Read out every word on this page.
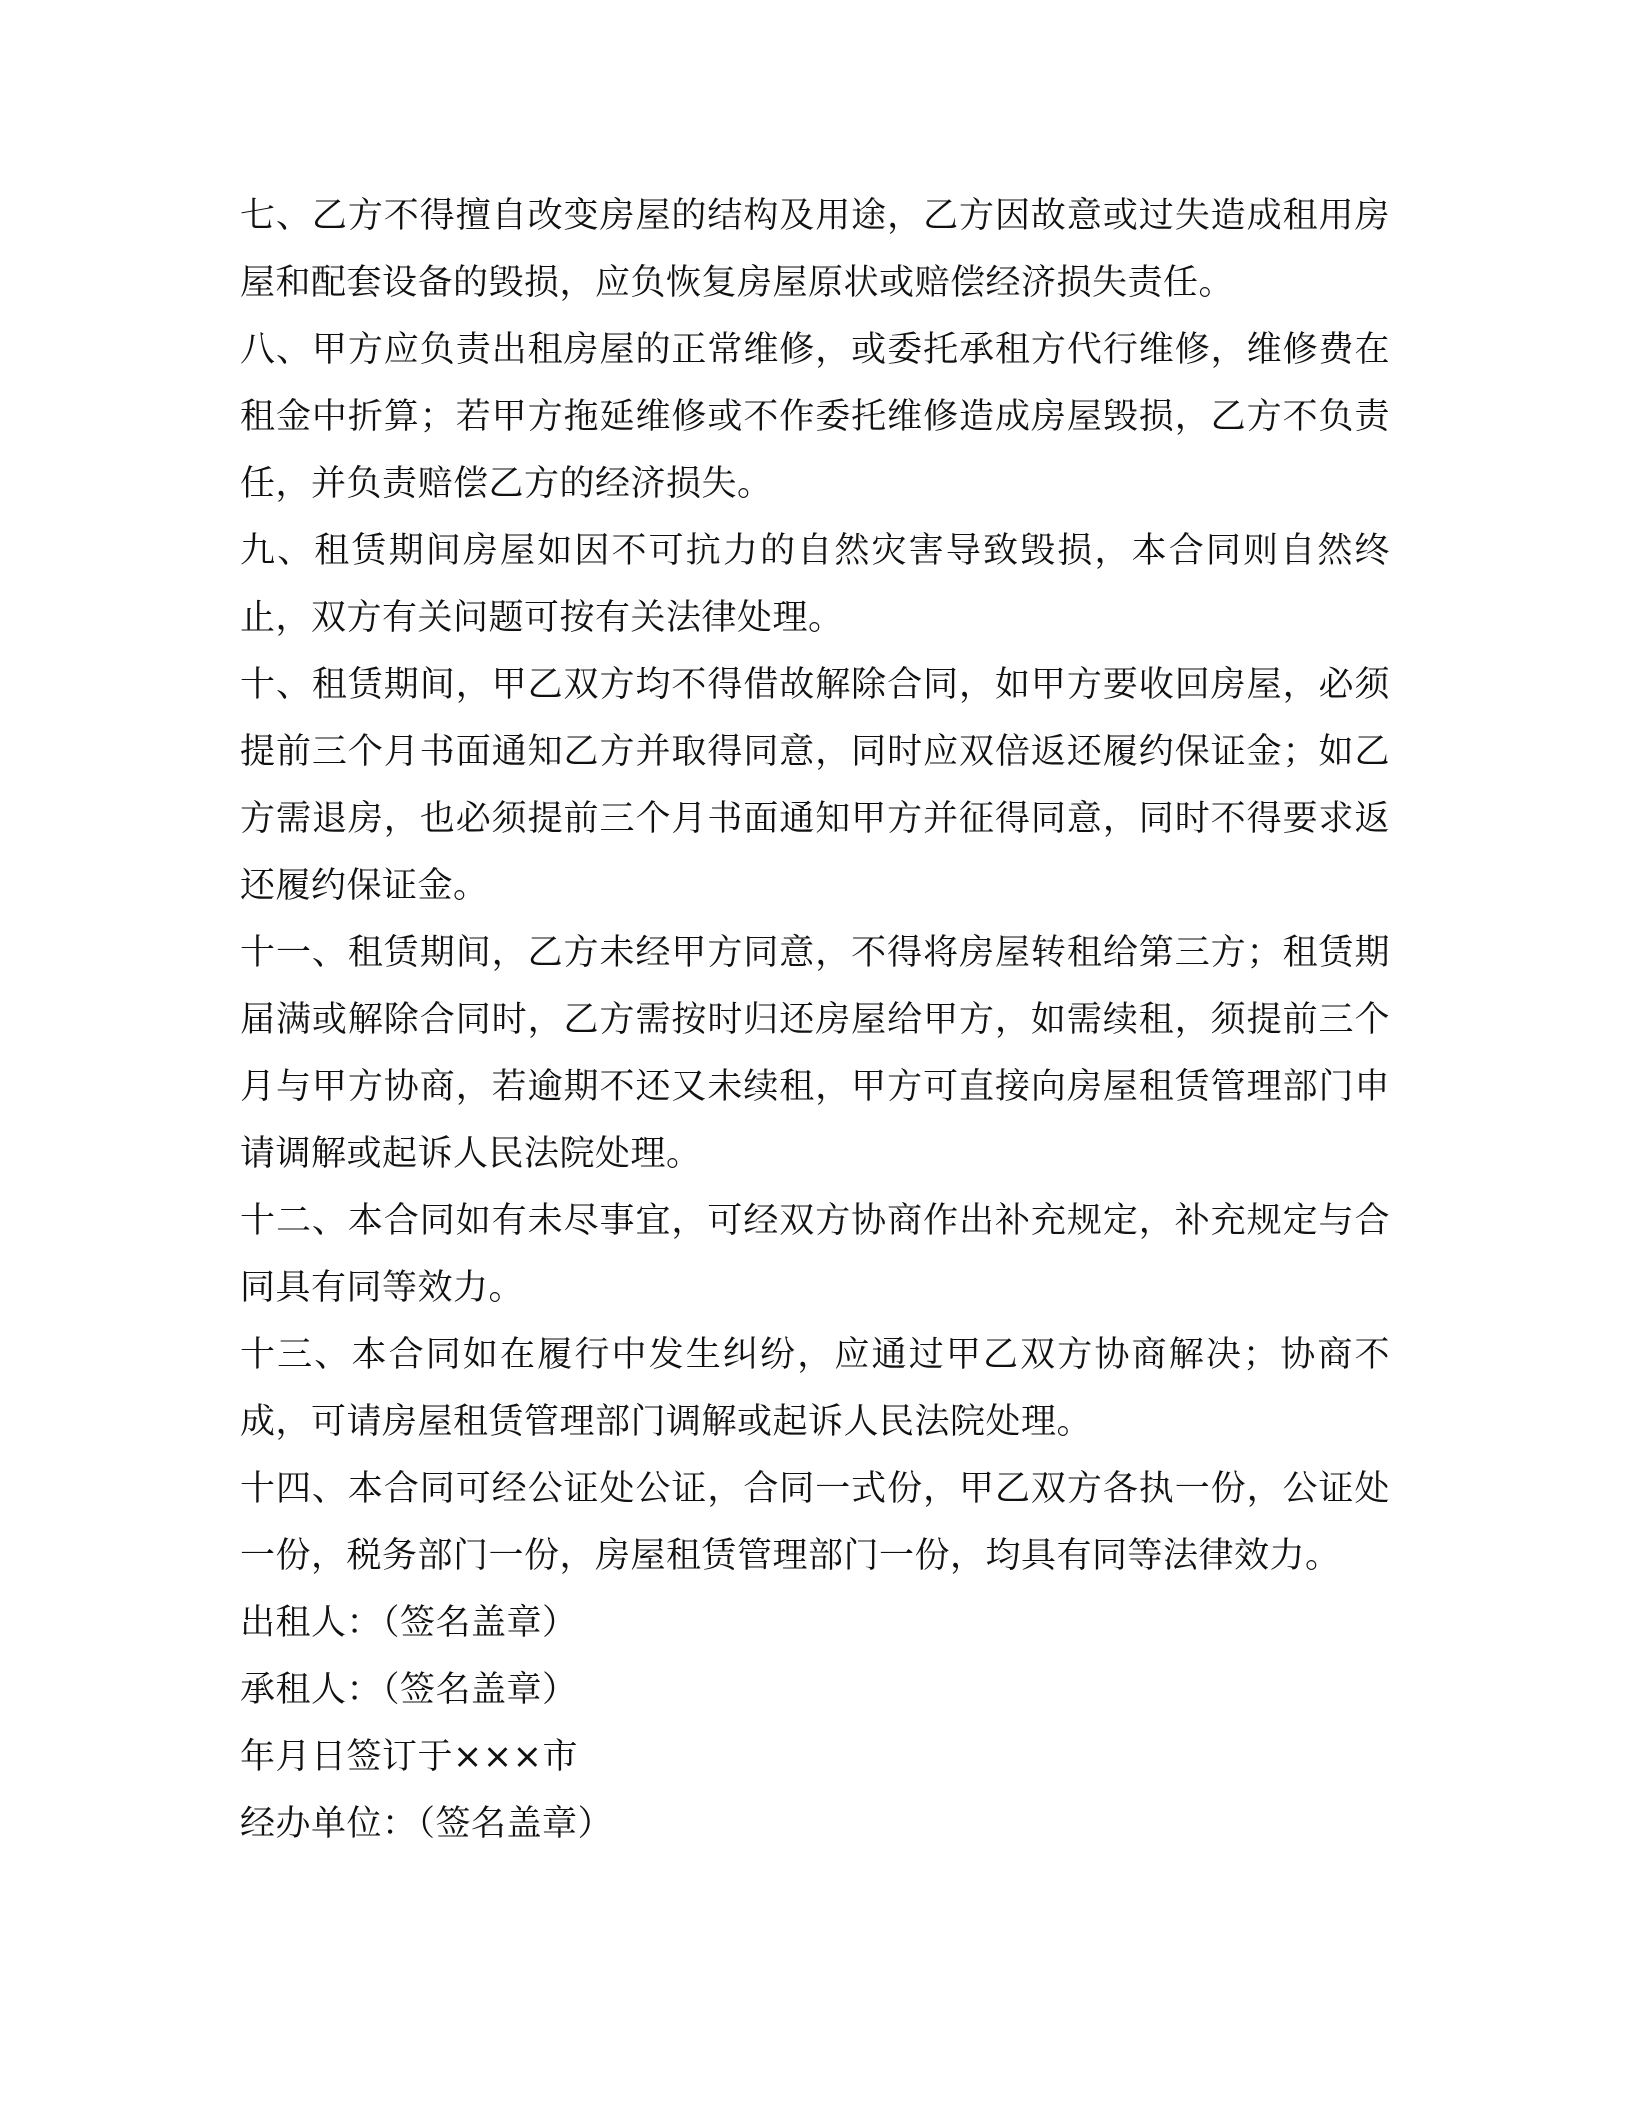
七、乙方不得擅自改变房屋的结构及用途，乙方因故意或过失造成租用房屋和配套设备的毁损，应负恢复房屋原状或赔偿经济损失责任。

八、甲方应负责出租房屋的正常维修，或委托承租方代行维修，维修费在租金中折算；若甲方拖延维修或不作委托维修造成房屋毁损，乙方不负责任，并负责赔偿乙方的经济损失。

九、租赁期间房屋如因不可抗力的自然灾害导致毁损，本合同则自然终止，双方有关问题可按有关法律处理。

十、租赁期间，甲乙双方均不得借故解除合同，如甲方要收回房屋，必须提前三个月书面通知乙方并取得同意，同时应双倍返还履约保证金；如乙方需退房，也必须提前三个月书面通知甲方并征得同意，同时不得要求返还履约保证金。

十一、租赁期间，乙方未经甲方同意，不得将房屋转租给第三方；租赁期届满或解除合同时，乙方需按时归还房屋给甲方，如需续租，须提前三个月与甲方协商，若逾期不还又未续租，甲方可直接向房屋租赁管理部门申请调解或起诉人民法院处理。

十二、本合同如有未尽事宜，可经双方协商作出补充规定，补充规定与合同具有同等效力。

十三、本合同如在履行中发生纠纷，应通过甲乙双方协商解决；协商不成，可请房屋租赁管理部门调解或起诉人民法院处理。

十四、本合同可经公证处公证，合同一式份，甲乙双方各执一份，公证处一份，税务部门一份，房屋租赁管理部门一份，均具有同等法律效力。

出租人：（签名盖章）

承租人：（签名盖章）

年月日签订于×××市

经办单位：（签名盖章）
